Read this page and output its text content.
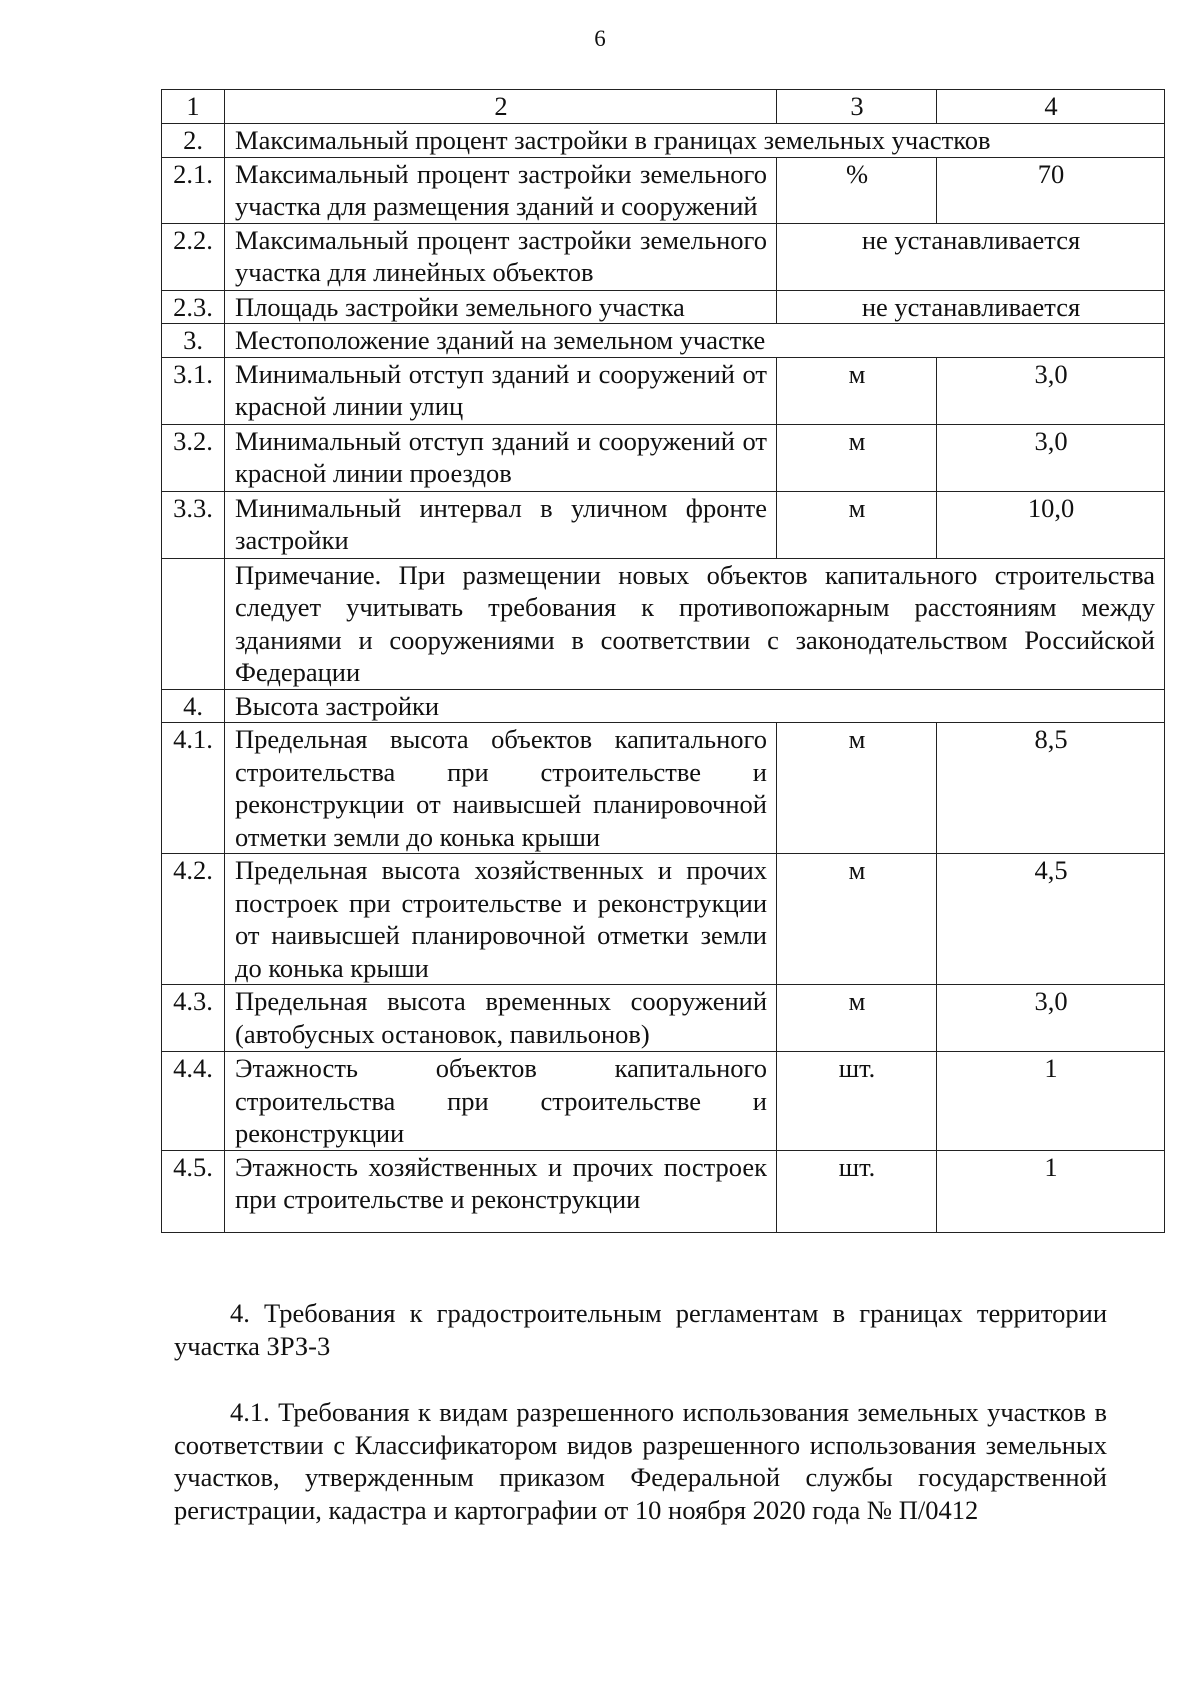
6
1	2	3	4
2.	Максимальный процент застройки в границах земельных участков		
2.1.	Максимальный процент застройки земельного участка для размещения зданий и сооружений	%	70
2.2.	Максимальный процент застройки земельного участка для линейных объектов	не устанавливается	
2.3.	Площадь застройки земельного участка	не устанавливается	
3.	Местоположение зданий на земельном участке		
3.1.	Минимальный отступ зданий и сооружений от красной линии улиц	м	3,0
3.2.	Минимальный отступ зданий и сооружений от красной линии проездов	м	3,0
3.3.	Минимальный интервал в уличном фронте застройки	м	10,0
	Примечание. При размещении новых объектов капитального строительства следует учитывать требования к противопожарным расстояниям между зданиями и сооружениями в соответствии с законодательством Российской Федерации		
4.	Высота застройки		
4.1.	Предельная высота объектов капитального строительства при строительстве и реконструкции от наивысшей планировочной отметки земли до конька крыши	м	8,5
4.2.	Предельная высота хозяйственных и прочих построек при строительстве и реконструкции от наивысшей планировочной отметки земли до конька крыши	м	4,5
4.3.	Предельная высота временных сооружений (автобусных остановок, павильонов)	м	3,0
4.4.	Этажность объектов капитального строительства при строительстве и реконструкции	шт.	1
4.5.	Этажность хозяйственных и прочих построек при строительстве и реконструкции	шт.	1

4. Требования к градостроительным регламентам в границах территории участка ЗРЗ-3

4.1. Требования к видам разрешенного использования земельных участков в соответствии с Классификатором видов разрешенного использования земельных участков, утвержденным приказом Федеральной службы государственной регистрации, кадастра и картографии от 10 ноября 2020 года № П/0412
